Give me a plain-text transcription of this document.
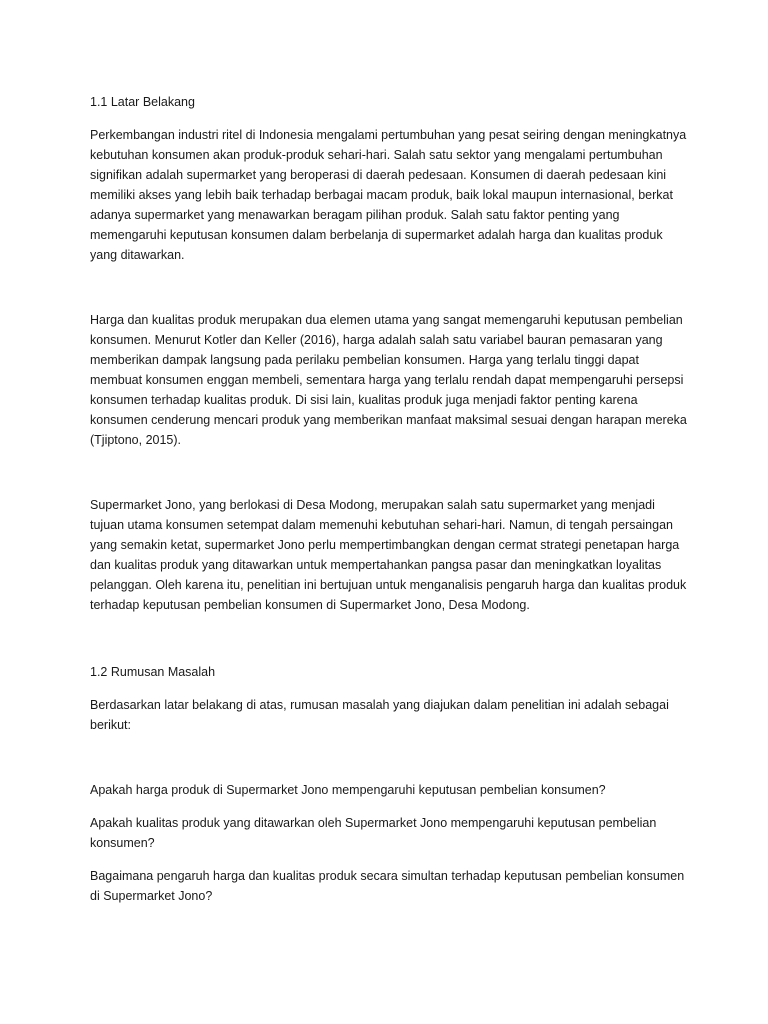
1.1 Latar Belakang

Perkembangan industri ritel di Indonesia mengalami pertumbuhan yang pesat seiring dengan meningkatnya kebutuhan konsumen akan produk-produk sehari-hari. Salah satu sektor yang mengalami pertumbuhan signifikan adalah supermarket yang beroperasi di daerah pedesaan. Konsumen di daerah pedesaan kini memiliki akses yang lebih baik terhadap berbagai macam produk, baik lokal maupun internasional, berkat adanya supermarket yang menawarkan beragam pilihan produk. Salah satu faktor penting yang memengaruhi keputusan konsumen dalam berbelanja di supermarket adalah harga dan kualitas produk yang ditawarkan.

Harga dan kualitas produk merupakan dua elemen utama yang sangat memengaruhi keputusan pembelian konsumen. Menurut Kotler dan Keller (2016), harga adalah salah satu variabel bauran pemasaran yang memberikan dampak langsung pada perilaku pembelian konsumen. Harga yang terlalu tinggi dapat membuat konsumen enggan membeli, sementara harga yang terlalu rendah dapat mempengaruhi persepsi konsumen terhadap kualitas produk. Di sisi lain, kualitas produk juga menjadi faktor penting karena konsumen cenderung mencari produk yang memberikan manfaat maksimal sesuai dengan harapan mereka (Tjiptono, 2015).

Supermarket Jono, yang berlokasi di Desa Modong, merupakan salah satu supermarket yang menjadi tujuan utama konsumen setempat dalam memenuhi kebutuhan sehari-hari. Namun, di tengah persaingan yang semakin ketat, supermarket Jono perlu mempertimbangkan dengan cermat strategi penetapan harga dan kualitas produk yang ditawarkan untuk mempertahankan pangsa pasar dan meningkatkan loyalitas pelanggan. Oleh karena itu, penelitian ini bertujuan untuk menganalisis pengaruh harga dan kualitas produk terhadap keputusan pembelian konsumen di Supermarket Jono, Desa Modong.

1.2 Rumusan Masalah

Berdasarkan latar belakang di atas, rumusan masalah yang diajukan dalam penelitian ini adalah sebagai berikut:

Apakah harga produk di Supermarket Jono mempengaruhi keputusan pembelian konsumen?

Apakah kualitas produk yang ditawarkan oleh Supermarket Jono mempengaruhi keputusan pembelian konsumen?

Bagaimana pengaruh harga dan kualitas produk secara simultan terhadap keputusan pembelian konsumen di Supermarket Jono?
